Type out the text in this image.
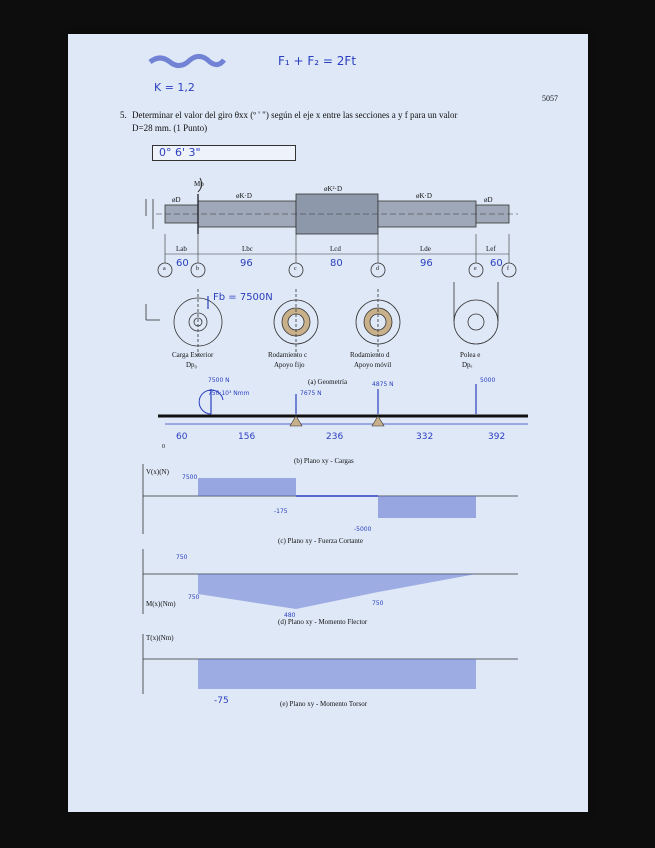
F₁ + F₂ = 2Ft
K = 1,2
5057
5. Determinar el valor del giro θxx (º ' ") según el eje x entre las secciones a y f para un valor
D=28 mm. (1 Punto)
0° 6' 3"
Mp
øD	øK·D
øK²·D
øK·D	øD
Lab	Lbc	Lcd	Lde	Lef
60	96	80	96	60
a	b	c	d	e	f
Fb = 7500N
Carga Exterior
Dp₀
Rodamiento c
Apoyo fijo
Rodamiento d
Apoyo móvil
Polea e
Dpₑ
(a) Geometría
7500 N
750·10³ Nmm	7675 N
4875 N
5000
0
60	156	236	332	392
(b) Plano xy - Cargas
V(x)(N)
7500
-175
-5000
(c) Plano xy - Fuerza Cortante
750
480
750
750
M(x)(Nm)
(d) Plano xy - Momento Flector
T(x)(Nm)
-75	(e) Plano xy - Momento Torsor
